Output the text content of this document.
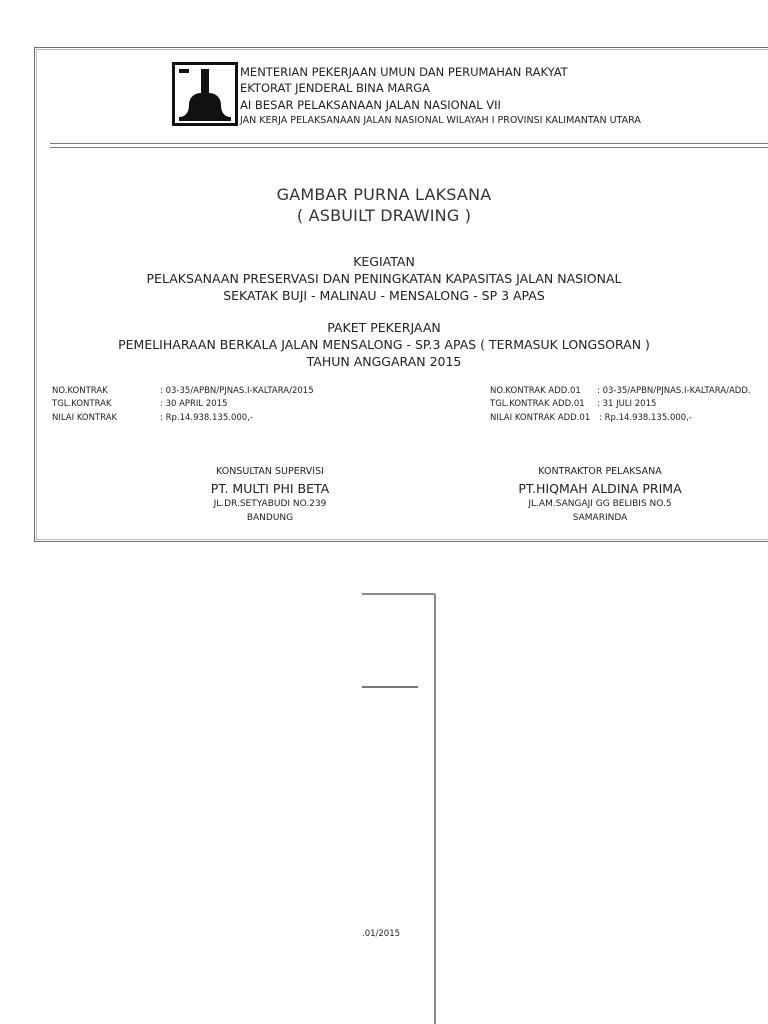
MENTERIAN PEKERJAAN UMUN DAN PERUMAHAN RAKYAT
EKTORAT JENDERAL BINA MARGA
AI BESAR PELAKSANAAN JALAN NASIONAL VII
JAN KERJA PELAKSANAAN JALAN NASIONAL WILAYAH I PROVINSI KALIMANTAN UTARA
GAMBAR PURNA LAKSANA
( ASBUILT DRAWING )
KEGIATAN
PELAKSANAAN PRESERVASI DAN PENINGKATAN KAPASITAS JALAN NASIONAL
SEKATAK BUJI - MALINAU - MENSALONG - SP 3 APAS
PAKET PEKERJAAN
PEMELIHARAAN BERKALA JALAN MENSALONG - SP.3 APAS ( TERMASUK LONGSORAN )
TAHUN ANGGARAN 2015
NO.KONTRAK	: 03-35/APBN/PJNAS.I-KALTARA/2015
TGL.KONTRAK	: 30 APRIL 2015
NILAI KONTRAK	: Rp.14.938.135.000,-
NO.KONTRAK ADD.01 : 03-35/APBN/PJNAS.I-KALTARA/ADD.
TGL.KONTRAK ADD.01 : 31 JULI 2015
NILAI KONTRAK ADD.01 : Rp.14.938.135.000,-
KONSULTAN SUPERVISI
PT. MULTI PHI BETA
JL.DR.SETYABUDI NO.239
BANDUNG
KONTRAKTOR PELAKSANA
PT.HIQMAH ALDINA PRIMA
JL.AM.SANGAJI GG BELIBIS NO.5
SAMARINDA
.01/2015
